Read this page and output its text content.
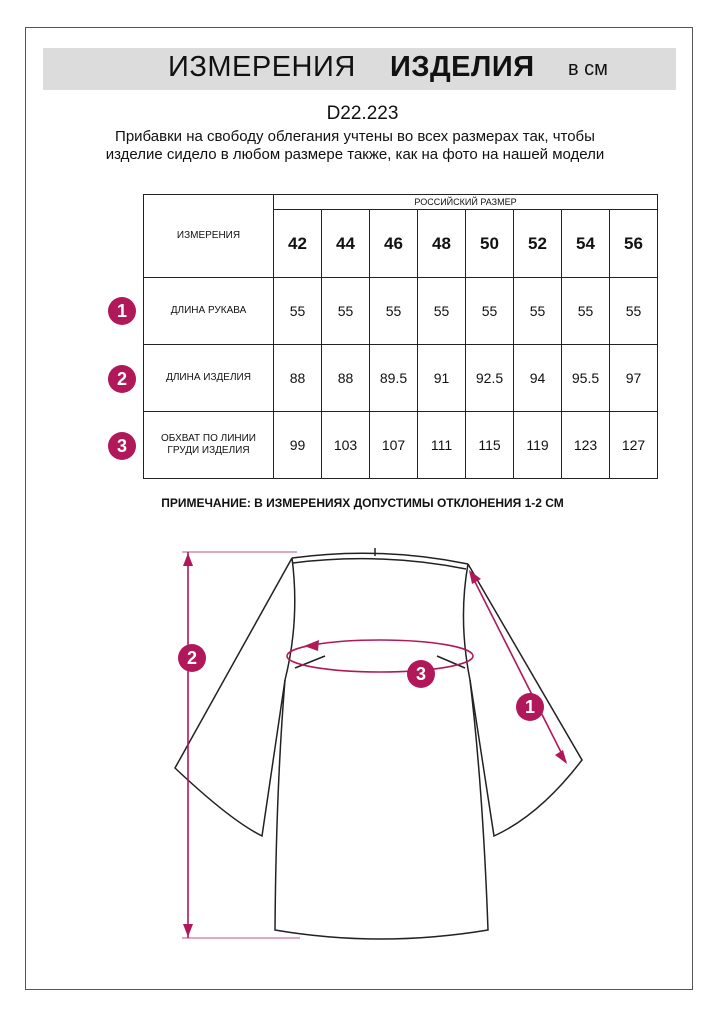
ИЗМЕРЕНИЯ ИЗДЕЛИЯ в см
D22.223
Прибавки на свободу облегания учтены во всех размерах так, чтобы изделие сидело в любом размере также, как на фото на нашей модели
ИЗМЕРЕНИЯ	РОССИЙСКИЙ РАЗМЕР							
	42	44	46	48	50	52	54	56
ДЛИНА РУКАВА	55	55	55	55	55	55	55	55
ДЛИНА ИЗДЕЛИЯ	88	88	89.5	91	92.5	94	95.5	97
ОБХВАТ ПО ЛИНИИ ГРУДИ ИЗДЕЛИЯ	99	103	107	111	115	119	123	127
1
2
3
ПРИМЕЧАНИЕ: В ИЗМЕРЕНИЯХ ДОПУСТИМЫ ОТКЛОНЕНИЯ 1-2 СМ
2
3
1
